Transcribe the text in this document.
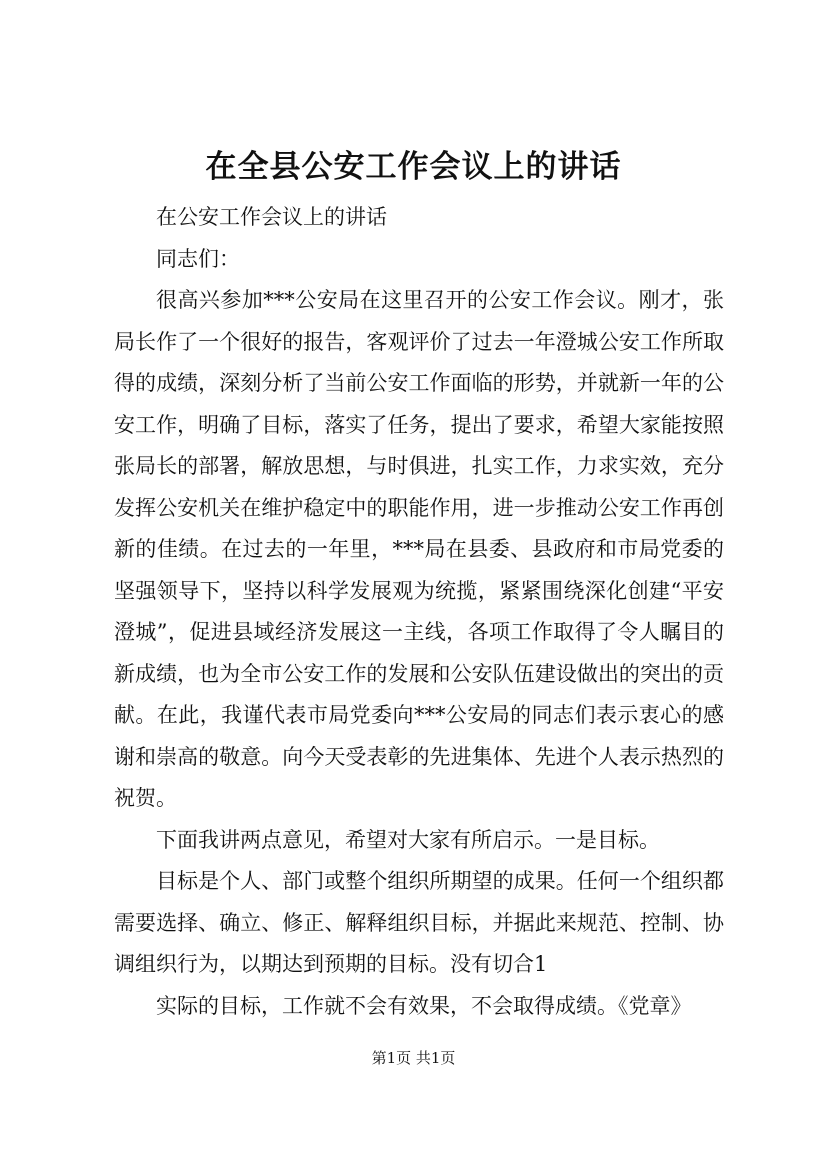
在全县公安工作会议上的讲话

在公安工作会议上的讲话

同志们：

很高兴参加***公安局在这里召开的公安工作会议。刚才，张局长作了一个很好的报告，客观评价了过去一年澄城公安工作所取得的成绩，深刻分析了当前公安工作面临的形势，并就新一年的公安工作，明确了目标，落实了任务，提出了要求，希望大家能按照张局长的部署，解放思想，与时俱进，扎实工作，力求实效，充分发挥公安机关在维护稳定中的职能作用，进一步推动公安工作再创新的佳绩。在过去的一年里，***局在县委、县政府和市局党委的坚强领导下，坚持以科学发展观为统揽，紧紧围绕深化创建“平安澄城”，促进县域经济发展这一主线，各项工作取得了令人瞩目的新成绩，也为全市公安工作的发展和公安队伍建设做出的突出的贡献。在此，我谨代表市局党委向***公安局的同志们表示衷心的感谢和崇高的敬意。向今天受表彰的先进集体、先进个人表示热烈的祝贺。

下面我讲两点意见，希望对大家有所启示。一是目标。

目标是个人、部门或整个组织所期望的成果。任何一个组织都需要选择、确立、修正、解释组织目标，并据此来规范、控制、协调组织行为，以期达到预期的目标。没有切合1

实际的目标，工作就不会有效果，不会取得成绩。《党章》

第1页 共1页
